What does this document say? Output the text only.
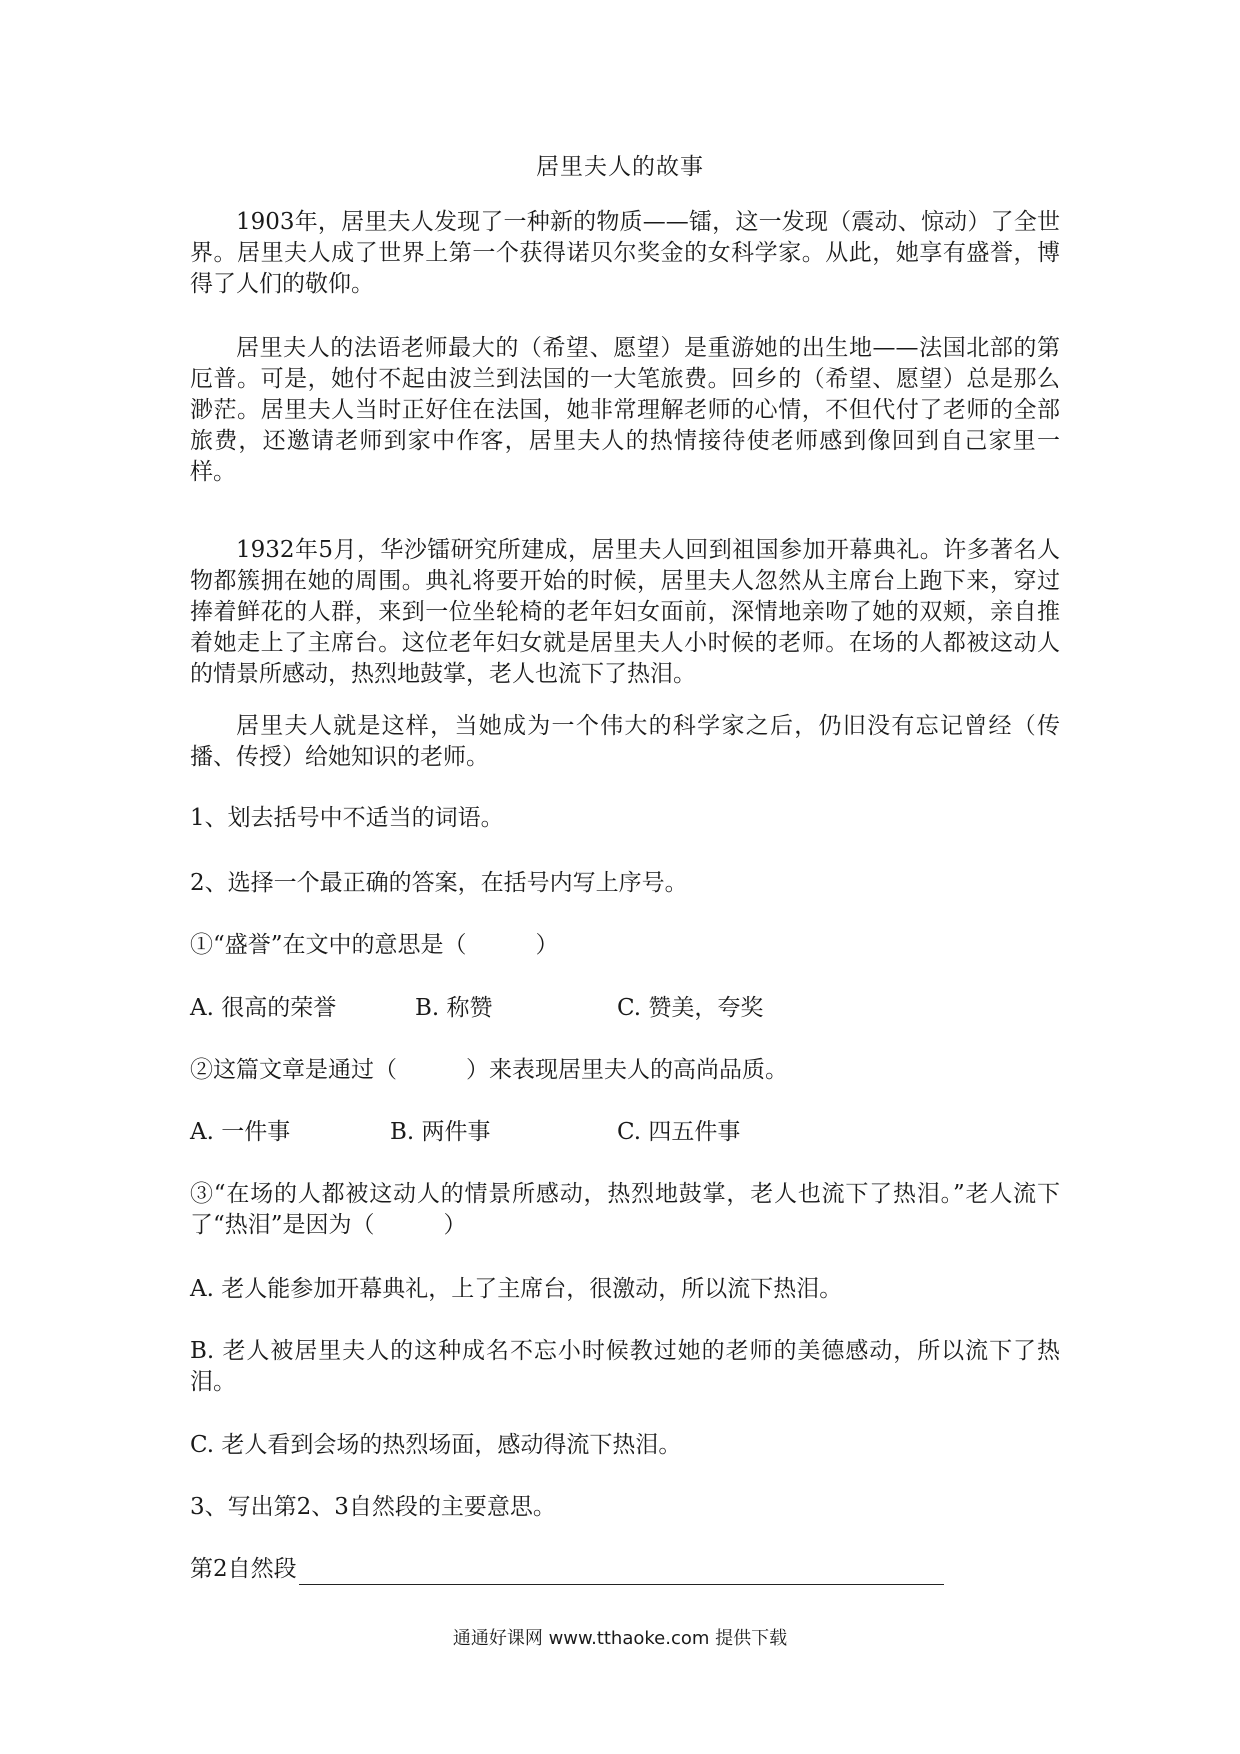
居里夫人的故事

1903年，居里夫人发现了一种新的物质——镭，这一发现（震动、惊动）了全世界。居里夫人成了世界上第一个获得诺贝尔奖金的女科学家。从此，她享有盛誉，博得了人们的敬仰。

居里夫人的法语老师最大的（希望、愿望）是重游她的出生地——法国北部的第厄普。可是，她付不起由波兰到法国的一大笔旅费。回乡的（希望、愿望）总是那么渺茫。居里夫人当时正好住在法国，她非常理解老师的心情，不但代付了老师的全部旅费，还邀请老师到家中作客，居里夫人的热情接待使老师感到像回到自己家里一样。

1932年5月，华沙镭研究所建成，居里夫人回到祖国参加开幕典礼。许多著名人物都簇拥在她的周围。典礼将要开始的时候，居里夫人忽然从主席台上跑下来，穿过捧着鲜花的人群，来到一位坐轮椅的老年妇女面前，深情地亲吻了她的双颊，亲自推着她走上了主席台。这位老年妇女就是居里夫人小时候的老师。在场的人都被这动人的情景所感动，热烈地鼓掌，老人也流下了热泪。

居里夫人就是这样，当她成为一个伟大的科学家之后，仍旧没有忘记曾经（传播、传授）给她知识的老师。

1、划去括号中不适当的词语。

2、选择一个最正确的答案，在括号内写上序号。

①“盛誉”在文中的意思是（　　　）

A. 很高的荣誉	B. 称赞	C. 赞美，夸奖

②这篇文章是通过（　　　）来表现居里夫人的高尚品质。

A. 一件事	B. 两件事	C. 四五件事

③“在场的人都被这动人的情景所感动，热烈地鼓掌，老人也流下了热泪。”老人流下了“热泪”是因为（　　　）

A. 老人能参加开幕典礼，上了主席台，很激动，所以流下热泪。

B. 老人被居里夫人的这种成名不忘小时候教过她的老师的美德感动，所以流下了热泪。

C. 老人看到会场的热烈场面，感动得流下热泪。

3、写出第2、3自然段的主要意思。

第2自然段

通通好课网 www.tthaoke.com 提供下载
